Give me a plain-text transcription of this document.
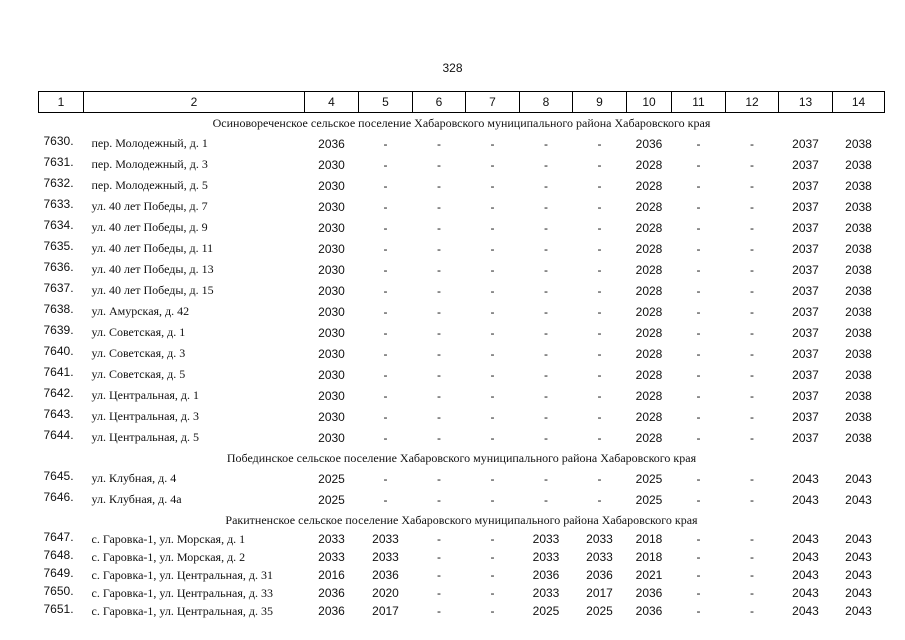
328
1	2	4	5	6	7	8	9	10	11	12	13	14
Осиновореченское сельское поселение Хабаровского муниципального района Хабаровского края												
7630.	пер. Молодежный, д. 1	2036	-	-	-	-	-	2036	-	-	2037	2038
7631.	пер. Молодежный, д. 3	2030	-	-	-	-	-	2028	-	-	2037	2038
7632.	пер. Молодежный, д. 5	2030	-	-	-	-	-	2028	-	-	2037	2038
7633.	ул. 40 лет Победы, д. 7	2030	-	-	-	-	-	2028	-	-	2037	2038
7634.	ул. 40 лет Победы, д. 9	2030	-	-	-	-	-	2028	-	-	2037	2038
7635.	ул. 40 лет Победы, д. 11	2030	-	-	-	-	-	2028	-	-	2037	2038
7636.	ул. 40 лет Победы, д. 13	2030	-	-	-	-	-	2028	-	-	2037	2038
7637.	ул. 40 лет Победы, д. 15	2030	-	-	-	-	-	2028	-	-	2037	2038
7638.	ул. Амурская, д. 42	2030	-	-	-	-	-	2028	-	-	2037	2038
7639.	ул. Советская, д. 1	2030	-	-	-	-	-	2028	-	-	2037	2038
7640.	ул. Советская, д. 3	2030	-	-	-	-	-	2028	-	-	2037	2038
7641.	ул. Советская, д. 5	2030	-	-	-	-	-	2028	-	-	2037	2038
7642.	ул. Центральная, д. 1	2030	-	-	-	-	-	2028	-	-	2037	2038
7643.	ул. Центральная, д. 3	2030	-	-	-	-	-	2028	-	-	2037	2038
7644.	ул. Центральная, д. 5	2030	-	-	-	-	-	2028	-	-	2037	2038
Побединское сельское поселение Хабаровского муниципального района Хабаровского края												
7645.	ул. Клубная, д. 4	2025	-	-	-	-	-	2025	-	-	2043	2043
7646.	ул. Клубная, д. 4а	2025	-	-	-	-	-	2025	-	-	2043	2043
Ракитненское сельское поселение Хабаровского муниципального района Хабаровского края												
7647.	с. Гаровка-1, ул. Морская, д. 1	2033	2033	-	-	2033	2033	2018	-	-	2043	2043
7648.	с. Гаровка-1, ул. Морская, д. 2	2033	2033	-	-	2033	2033	2018	-	-	2043	2043
7649.	с. Гаровка-1, ул. Центральная, д. 31	2016	2036	-	-	2036	2036	2021	-	-	2043	2043
7650.	с. Гаровка-1, ул. Центральная, д. 33	2036	2020	-	-	2033	2017	2036	-	-	2043	2043
7651.	с. Гаровка-1, ул. Центральная, д. 35	2036	2017	-	-	2025	2025	2036	-	-	2043	2043
